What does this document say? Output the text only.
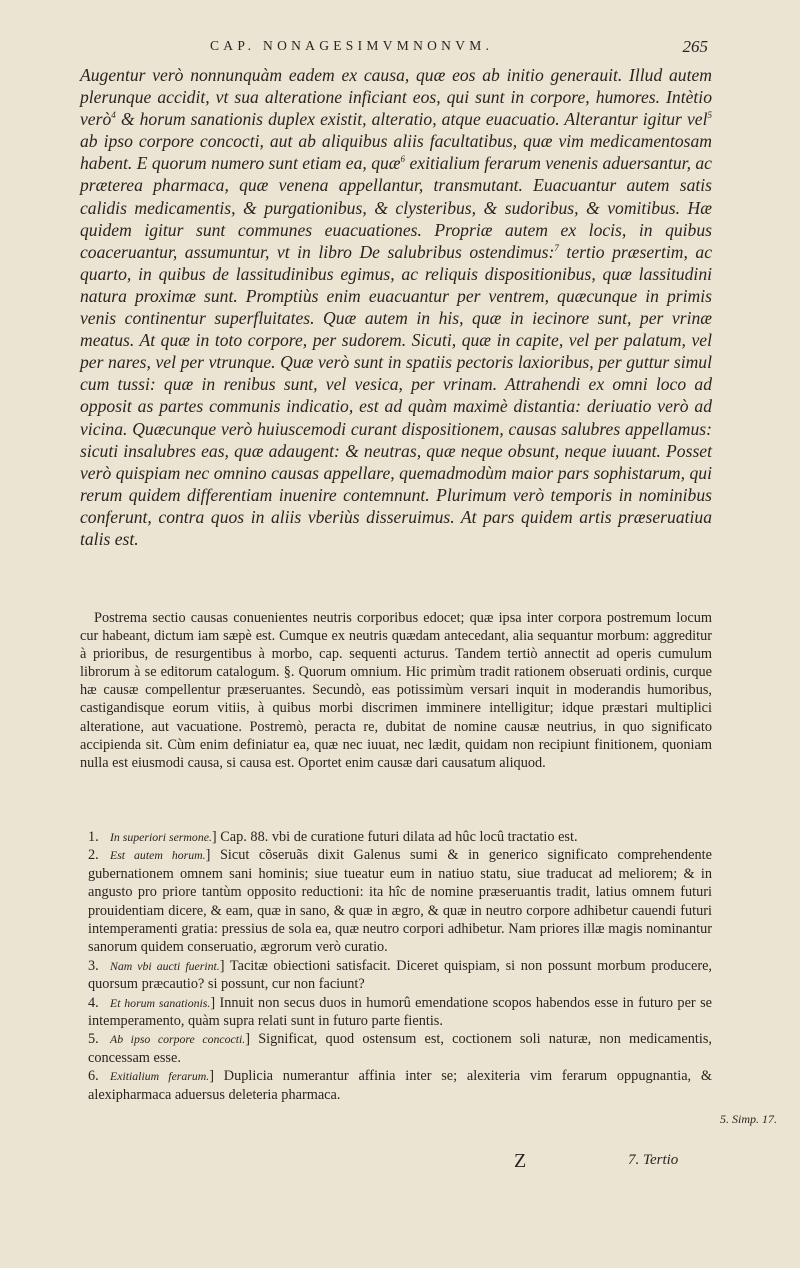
CAP. NONAGESIMVMNONVM.	265

Augentur verò nonnunquàm eadem ex causa, quæ eos ab initio generauit. Illud autem plerunque accidit, vt sua alteratione inficiant eos, qui sunt in corpore, humores. Intètio verò$^4$ & horum sanationis duplex existit, alteratio, atque euacuatio. Alterantur igitur vel$^5$ ab ipso corpore concocti, aut ab aliquibus aliis facultatibus, quæ vim medicamentosam habent. E quorum numero sunt etiam ea, quæ$^6$ exitialium ferarum venenis aduersantur, ac præterea pharmaca, quæ venena appellantur, transmutant. Euacuantur autem satis calidis medicamentis, & purgationibus, & clysteribus, & sudoribus, & vomitibus. Hæ quidem igitur sunt communes euacuationes. Propriæ autem ex locis, in quibus coaceruantur, assumuntur, vt in libro De salubribus ostendimus:$^7$ tertio præsertim, ac quarto, in quibus de lassitudinibus egimus, ac reliquis dispositionibus, quæ lassitudini natura proximæ sunt. Promptiùs enim euacuantur per ventrem, quæcunque in primis venis continentur superfluitates. Quæ autem in his, quæ in iecinore sunt, per vrinæ meatus. At quæ in toto corpore, per sudorem. Sicuti, quæ in capite, vel per palatum, vel per nares, vel per vtrunque. Quæ verò sunt in spatiis pectoris laxioribus, per guttur simul cum tussi: quæ in renibus sunt, vel vesica, per vrinam. Attrahendi ex omni loco ad opposit as partes communis indicatio, est ad quàm maximè distantia: deriuatio verò ad vicina. Quæcunque verò huiuscemodi curant dispositionem, causas salubres appellamus: sicuti insalubres eas, quæ adaugent: & neutras, quæ neque obsunt, neque iuuant. Posset verò quispiam nec omnino causas appellare, quemadmodùm maior pars sophistarum, qui rerum quidem differentiam inuenire contemnunt. Plurimum verò temporis in nominibus conferunt, contra quos in aliis vberiùs disseruimus. At pars quidem artis præseruatiua talis est.

Postrema sectio causas conuenientes neutris corporibus edocet; quæ ipsa inter corpora postremum locum cur habeant, dictum iam sæpè est. Cumque ex neutris quædam antecedant, alia sequantur morbum: aggreditur à prioribus, de resurgentibus à morbo, cap. sequenti acturus. Tandem tertiò annectit ad operis cumulum librorum à se editorum catalogum. §. Quorum omnium. Hic primùm tradit rationem obseruati ordinis, curque hæ causæ compellentur præseruantes. Secundò, eas potissimùm versari inquit in moderandis humoribus, castigandisque eorum vitiis, à quibus morbi discrimen imminere intelligitur; idque præstari multiplici alteratione, aut vacuatione. Postremò, peracta re, dubitat de nomine causæ neutrius, in quo significato accipienda sit. Cùm enim definiatur ea, quæ nec iuuat, nec lædit, quidam non recipiunt finitionem, quoniam nulla est eiusmodi causa, si causa est. Oportet enim causæ dari causatum aliquod.

1. In superiori sermone.] Cap. 88. vbi de curatione futuri dilata ad hûc locû tractatio est.

2. Est autem horum.] Sicut cõseruãs dixit Galenus sumi & in generico significato comprehendente gubernationem omnem sani hominis; siue tueatur eum in natiuo statu, siue traducat ad meliorem; & in angusto pro priore tantùm opposito reductioni: ita hîc de nomine præseruantis tradit, latius omnem futuri prouidentiam dicere, & eam, quæ in sano, & quæ in ægro, & quæ in neutro corpore adhibetur cauendi futuri intemperamenti gratia: pressius de sola ea, quæ neutro corpori adhibetur. Nam priores illæ magis nominantur sanorum quidem conseruatio, ægrorum verò curatio.

3. Nam vbi aucti fuerint.] Tacitæ obiectioni satisfacit. Diceret quispiam, si non possunt morbum producere, quorsum præcautio? si possunt, cur non faciunt?

4. Et horum sanationis.] Innuit non secus duos in humorû emendatione scopos habendos esse in futuro per se intemperamento, quàm supra relati sunt in futuro parte fientis.

5. Ab ipso corpore concocti.] Significat, quod ostensum est, coctionem soli naturæ, non medicamentis, concessam esse.

6. Exitialium ferarum.] Duplicia numerantur affinia inter se; alexiteria vim ferarum oppugnantia, & alexipharmaca aduersus deleteria pharmaca.

5. Simp. 17.
Z	7. Tertio
